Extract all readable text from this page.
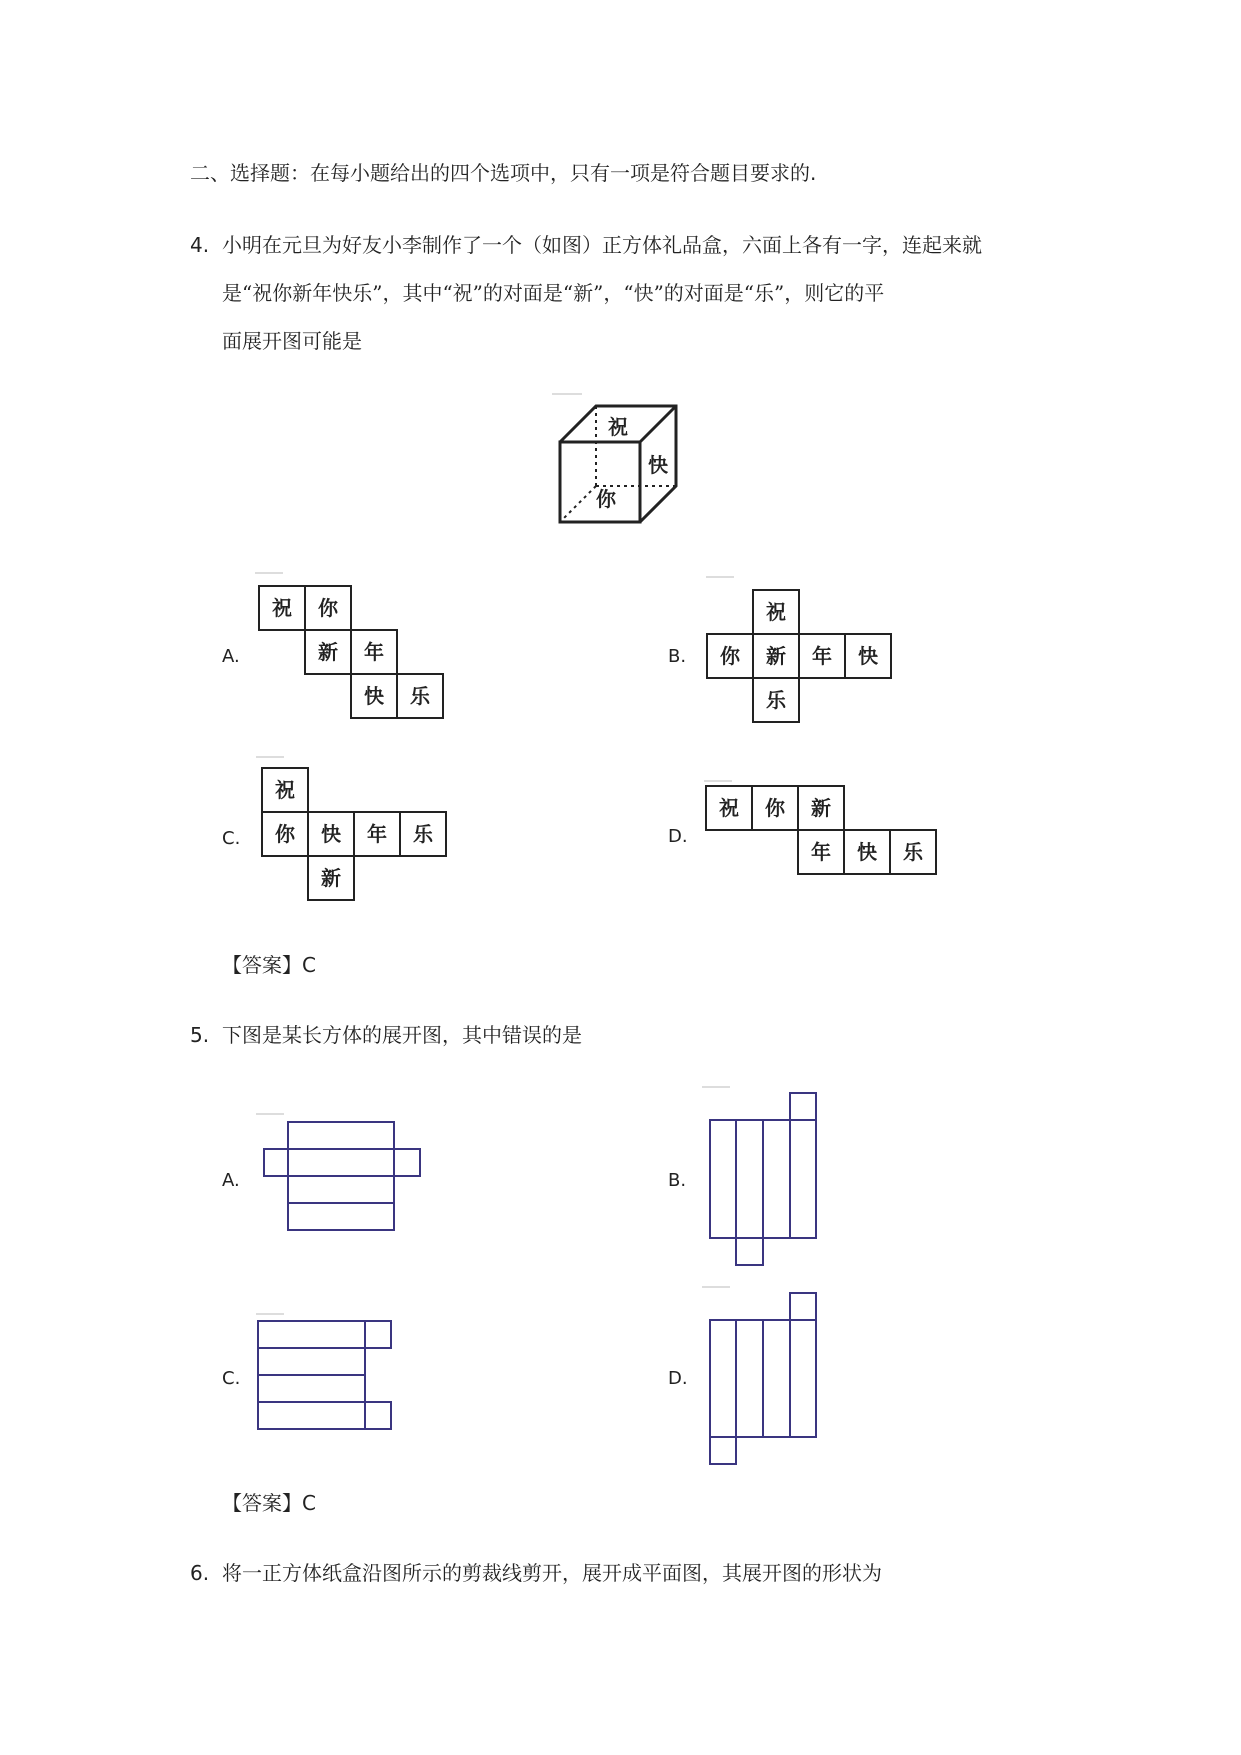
二、选择题：在每小题给出的四个选项中，只有一项是符合题目要求的.
4. 小明在元旦为好友小李制作了一个（如图）正方体礼品盒，六面上各有一字，连起来就
是“祝你新年快乐”，其中“祝”的对面是“新”，“快”的对面是“乐”，则它的平
面展开图可能是
祝
快
你
A.
祝 你
新 年
快 乐
B.
祝
你 新 年 快
乐
C.
祝
你 快 年 乐
新
D.
祝 你 新
年 快 乐
【答案】C
5. 下图是某长方体的展开图，其中错误的是
A.	B.
C.	D.
【答案】C
6. 将一正方体纸盒沿图所示的剪裁线剪开，展开成平面图，其展开图的形状为
